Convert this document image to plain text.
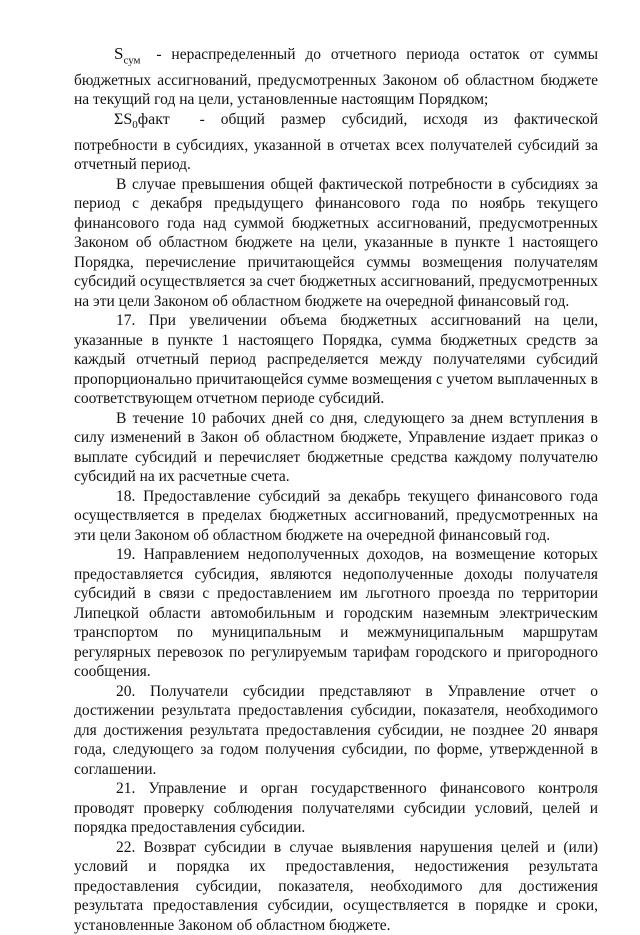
$S_{сум}$ - нераспределенный до отчетного периода остаток от суммы бюджетных ассигнований, предусмотренных Законом об областном бюджете на текущий год на цели, установленные настоящим Порядком;

$\Sigma S_0факт$ - общий размер субсидий, исходя из фактической потребности в субсидиях, указанной в отчетах всех получателей субсидий за отчетный период.

В случае превышения общей фактической потребности в субсидиях за период с декабря предыдущего финансового года по ноябрь текущего финансового года над суммой бюджетных ассигнований, предусмотренных Законом об областном бюджете на цели, указанные в пункте 1 настоящего Порядка, перечисление причитающейся суммы возмещения получателям субсидий осуществляется за счет бюджетных ассигнований, предусмотренных на эти цели Законом об областном бюджете на очередной финансовый год.

17. При увеличении объема бюджетных ассигнований на цели, указанные в пункте 1 настоящего Порядка, сумма бюджетных средств за каждый отчетный период распределяется между получателями субсидий пропорционально причитающейся сумме возмещения с учетом выплаченных в соответствующем отчетном периоде субсидий.

В течение 10 рабочих дней со дня, следующего за днем вступления в силу изменений в Закон об областном бюджете, Управление издает приказ о выплате субсидий и перечисляет бюджетные средства каждому получателю субсидий на их расчетные счета.

18. Предоставление субсидий за декабрь текущего финансового года осуществляется в пределах бюджетных ассигнований, предусмотренных на эти цели Законом об областном бюджете на очередной финансовый год.

19. Направлением недополученных доходов, на возмещение которых предоставляется субсидия, являются недополученные доходы получателя субсидий в связи с предоставлением им льготного проезда по территории Липецкой области автомобильным и городским наземным электрическим транспортом по муниципальным и межмуниципальным маршрутам регулярных перевозок по регулируемым тарифам городского и пригородного сообщения.

20. Получатели субсидии представляют в Управление отчет о достижении результата предоставления субсидии, показателя, необходимого для достижения результата предоставления субсидии, не позднее 20 января года, следующего за годом получения субсидии, по форме, утвержденной в соглашении.

21. Управление и орган государственного финансового контроля проводят проверку соблюдения получателями субсидии условий, целей и порядка предоставления субсидии.

22. Возврат субсидии в случае выявления нарушения целей и (или) условий и порядка их предоставления, недостижения результата предоставления субсидии, показателя, необходимого для достижения результата предоставления субсидии, осуществляется в порядке и сроки, установленные Законом об областном бюджете.
